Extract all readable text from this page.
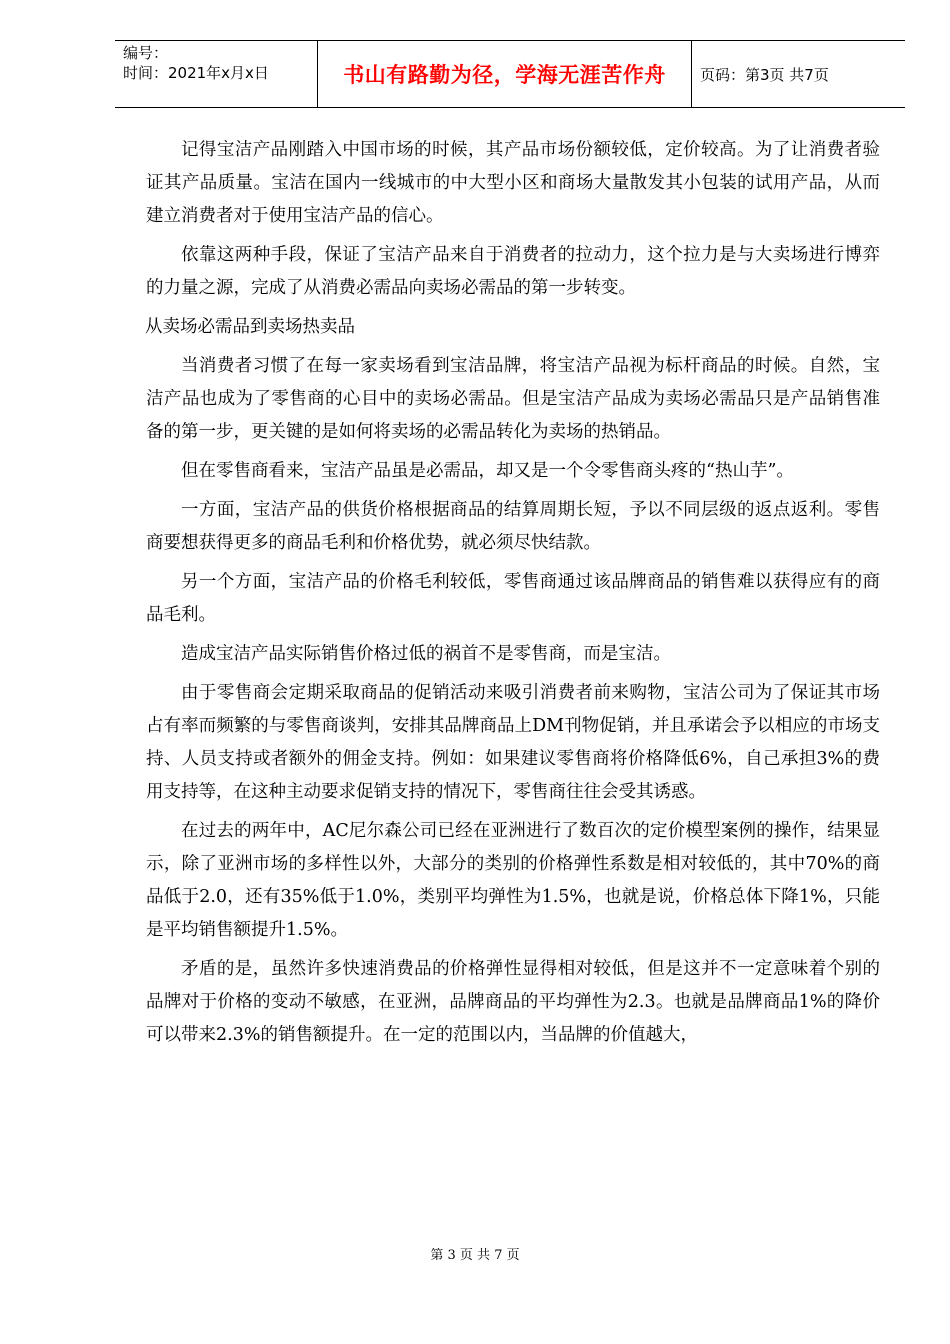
编号：
时间：2021年x月x日	书山有路勤为径，学海无涯苦作舟	页码：第3页 共7页

记得宝洁产品刚踏入中国市场的时候，其产品市场份额较低，定价较高。为了让消费者验证其产品质量。宝洁在国内一线城市的中大型小区和商场大量散发其小包装的试用产品，从而建立消费者对于使用宝洁产品的信心。

依靠这两种手段，保证了宝洁产品来自于消费者的拉动力，这个拉力是与大卖场进行博弈的力量之源，完成了从消费必需品向卖场必需品的第一步转变。

从卖场必需品到卖场热卖品

当消费者习惯了在每一家卖场看到宝洁品牌，将宝洁产品视为标杆商品的时候。自然，宝洁产品也成为了零售商的心目中的卖场必需品。但是宝洁产品成为卖场必需品只是产品销售准备的第一步，更关键的是如何将卖场的必需品转化为卖场的热销品。

但在零售商看来，宝洁产品虽是必需品，却又是一个令零售商头疼的“热山芋”。

一方面，宝洁产品的供货价格根据商品的结算周期长短，予以不同层级的返点返利。零售商要想获得更多的商品毛利和价格优势，就必须尽快结款。

另一个方面，宝洁产品的价格毛利较低，零售商通过该品牌商品的销售难以获得应有的商品毛利。

造成宝洁产品实际销售价格过低的祸首不是零售商，而是宝洁。

由于零售商会定期采取商品的促销活动来吸引消费者前来购物，宝洁公司为了保证其市场占有率而频繁的与零售商谈判，安排其品牌商品上DM刊物促销，并且承诺会予以相应的市场支持、人员支持或者额外的佣金支持。例如：如果建议零售商将价格降低6%，自己承担3%的费用支持等，在这种主动要求促销支持的情况下，零售商往往会受其诱惑。

在过去的两年中，AC尼尔森公司已经在亚洲进行了数百次的定价模型案例的操作，结果显示，除了亚洲市场的多样性以外，大部分的类别的价格弹性系数是相对较低的，其中70%的商品低于2.0，还有35%低于1.0%，类别平均弹性为1.5%，也就是说，价格总体下降1%，只能是平均销售额提升1.5%。

矛盾的是，虽然许多快速消费品的价格弹性显得相对较低，但是这并不一定意味着个别的品牌对于价格的变动不敏感，在亚洲，品牌商品的平均弹性为2.3。也就是品牌商品1%的降价可以带来2.3%的销售额提升。在一定的范围以内，当品牌的价值越大，

第 3 页 共 7 页
